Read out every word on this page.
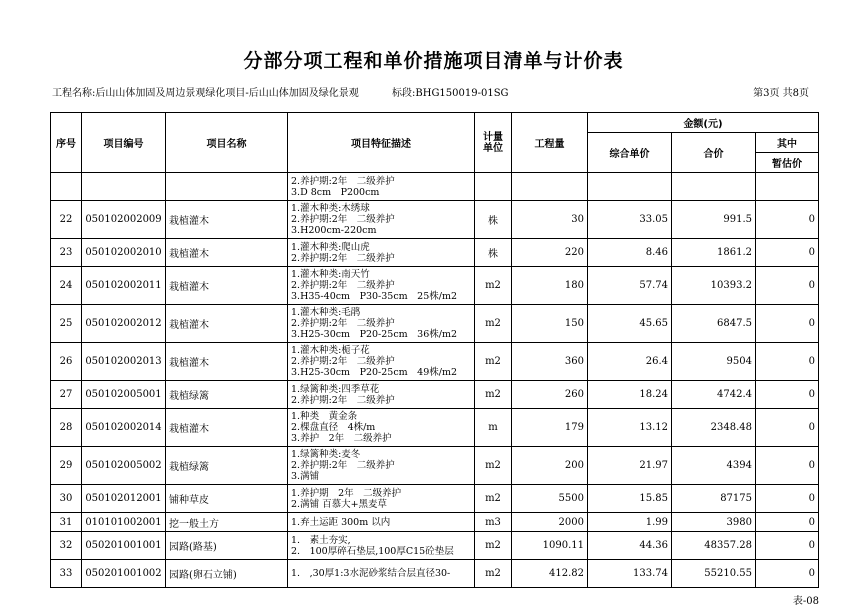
分部分项工程和单价措施项目清单与计价表
工程名称:后山山体加固及周边景观绿化项目-后山山体加固及绿化景观	标段:BHG150019-01SG	第3页 共8页
序号	项目编号	项目名称	项目特征描述	计量单位	工程量	金额(元)		
						综合单价	合价	其中
								暂估价

			2.养护期:2年　二级养护
3.D 8cm　P200cm					

22	050102002009	栽植灌木	1.灌木种类:木绣球
2.养护期:2年　二级养护
3.H200cm-220cm	株	30	33.05	991.5	0
23	050102002010	栽植灌木	1.灌木种类:爬山虎
2.养护期:2年　二级养护	株	220	8.46	1861.2	0
24	050102002011	栽植灌木	1.灌木种类:南天竹
2.养护期:2年　二级养护
3.H35-40cm　P30-35cm　25株/m2	m2	180	57.74	10393.2	0
25	050102002012	栽植灌木	1.灌木种类:毛鹃
2.养护期:2年　二级养护
3.H25-30cm　P20-25cm　36株/m2	m2	150	45.65	6847.5	0
26	050102002013	栽植灌木	1.灌木种类:栀子花
2.养护期:2年　二级养护
3.H25-30cm　P20-25cm　49株/m2	m2	360	26.4	9504	0
27	050102005001	栽植绿篱	1.绿篱种类:四季草花
2.养护期:2年　二级养护	m2	260	18.24	4742.4	0
28	050102002014	栽植灌木	1.种类　黄金条
2.棵盘直径　4株/m
3.养护　2年　二级养护	m	179	13.12	2348.48	0
29	050102005002	栽植绿篱	1.绿篱种类:麦冬
2.养护期:2年　二级养护
3.满铺	m2	200	21.97	4394	0
30	050102012001	铺种草皮	1.养护期　2年　二级养护
2.满铺 百慕大+黑麦草	m2	5500	15.85	87175	0
31	010101002001	挖一般土方	1.弃土运距 300m 以内	m3	2000	1.99	3980	0
32	050201001001	园路(路基)	1.　素土夯实,
2.　100厚碎石垫层,100厚C15砼垫层	m2	1090.11	44.36	48357.28	0
33	050201001002	园路(卵石立铺)	1.　,30厚1:3水泥砂浆结合层直径30-	m2	412.82	133.74	55210.55	0
表-08
